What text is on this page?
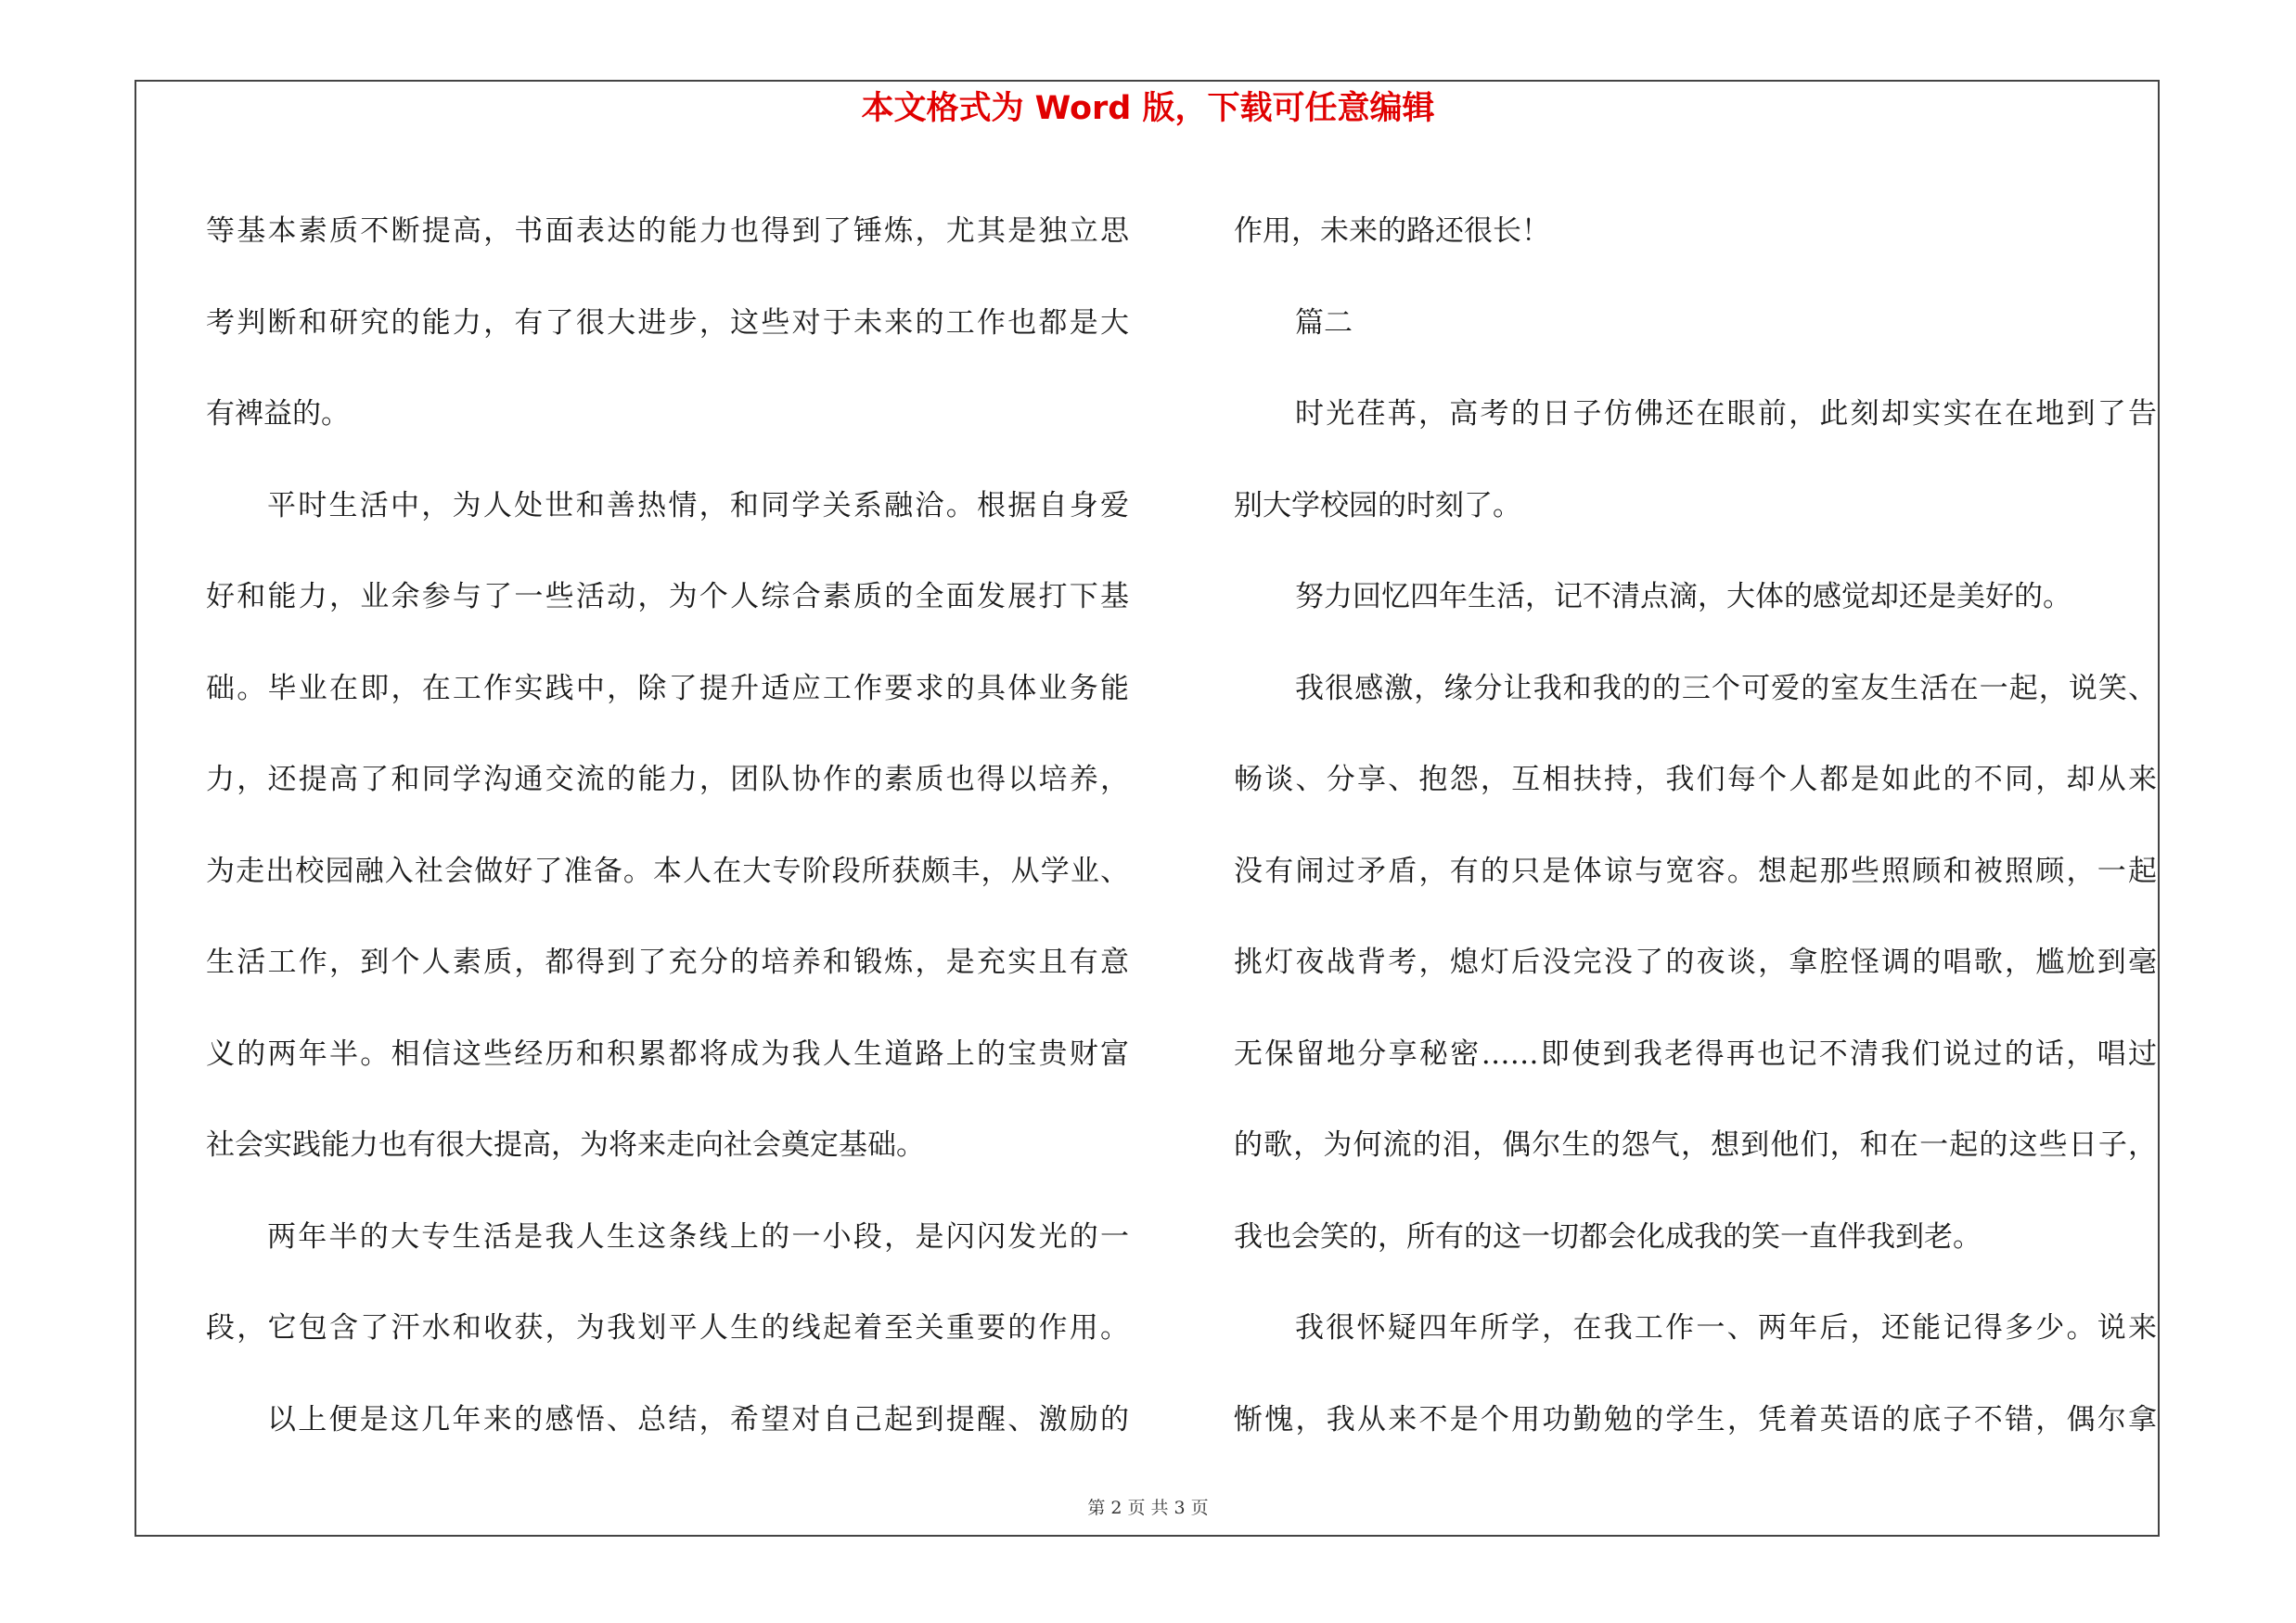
本文格式为 Word 版，下载可任意编辑
等基本素质不断提高，书面表达的能力也得到了锤炼，尤其是独立思
考判断和研究的能力，有了很大进步，这些对于未来的工作也都是大
有裨益的。
平时生活中，为人处世和善热情，和同学关系融洽。根据自身爱
好和能力，业余参与了一些活动，为个人综合素质的全面发展打下基
础。毕业在即，在工作实践中，除了提升适应工作要求的具体业务能
力，还提高了和同学沟通交流的能力，团队协作的素质也得以培养，
为走出校园融入社会做好了准备。本人在大专阶段所获颇丰，从学业、
生活工作，到个人素质，都得到了充分的培养和锻炼，是充实且有意
义的两年半。相信这些经历和积累都将成为我人生道路上的宝贵财富
社会实践能力也有很大提高，为将来走向社会奠定基础。
两年半的大专生活是我人生这条线上的一小段，是闪闪发光的一
段，它包含了汗水和收获，为我划平人生的线起着至关重要的作用。
以上便是这几年来的感悟、总结，希望对自己起到提醒、激励的
作用，未来的路还很长！
篇二
时光荏苒，高考的日子仿佛还在眼前，此刻却实实在在地到了告
别大学校园的时刻了。
努力回忆四年生活，记不清点滴，大体的感觉却还是美好的。
我很感激，缘分让我和我的的三个可爱的室友生活在一起，说笑、
畅谈、分享、抱怨，互相扶持，我们每个人都是如此的不同，却从来
没有闹过矛盾，有的只是体谅与宽容。想起那些照顾和被照顾，一起
挑灯夜战背考，熄灯后没完没了的夜谈，拿腔怪调的唱歌，尴尬到毫
无保留地分享秘密……即使到我老得再也记不清我们说过的话，唱过
的歌，为何流的泪，偶尔生的怨气，想到他们，和在一起的这些日子，
我也会笑的，所有的这一切都会化成我的笑一直伴我到老。
我很怀疑四年所学，在我工作一、两年后，还能记得多少。说来
惭愧，我从来不是个用功勤勉的学生，凭着英语的底子不错，偶尔拿
第 2 页 共 3 页
